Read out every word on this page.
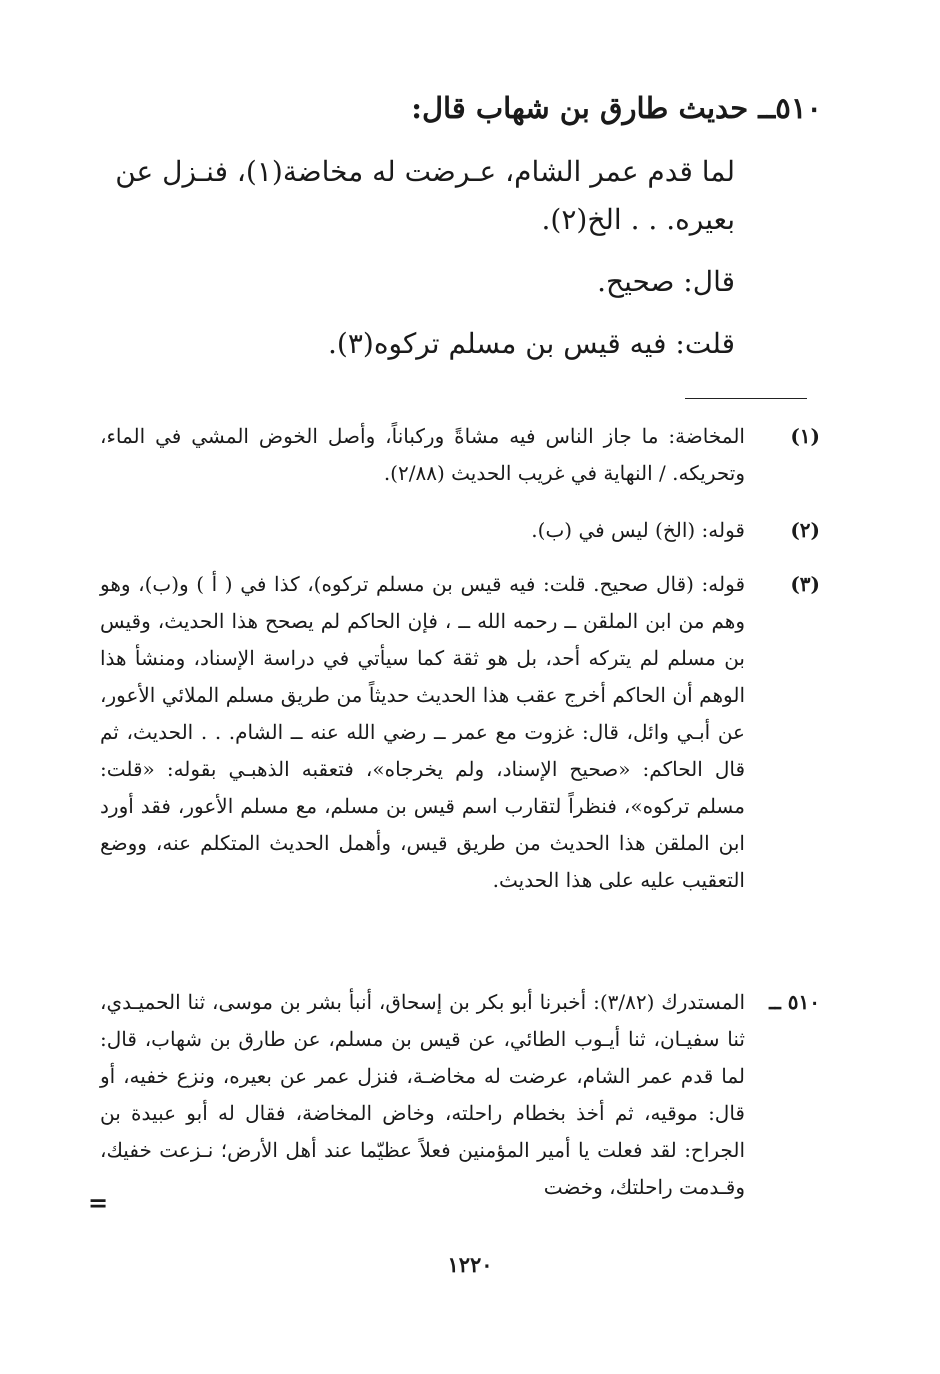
٥١٠ــ حديث طارق بن شهاب قال:

لما قدم عمر الشام، عـرضت له مخاضة(١)، فنـزل عن بعيره. . . الخ(٢).

قال: صحيح.

قلت: فيه قيس بن مسلم تركوه(٣).

(١)
المخاضة: ما جاز الناس فيه مشاةً وركباناً، وأصل الخوض المشي في الماء، وتحريكه. / النهاية في غريب الحديث (٢/٨٨).
(٢)
قوله: (الخ) ليس في (ب).
(٣)
قوله: (قال صحيح. قلت: فيه قيس بن مسلم تركوه)، كذا في ( أ ) و(ب)، وهو وهم من ابن الملقن ــ رحمه الله ــ ، فإن الحاكم لم يصحح هذا الحديث، وقيس بن مسلم لم يتركه أحد، بل هو ثقة كما سيأتي في دراسة الإسناد، ومنشأ هذا الوهم أن الحاكم أخرج عقب هذا الحديث حديثاً من طريق مسلم الملائي الأعور، عن أبـي وائل، قال: غزوت مع عمر ــ رضي الله عنه ــ الشام. . . الحديث، ثم قال الحاكم: «صحيح الإسناد، ولم يخرجاه»، فتعقبه الذهبـي بقوله: «قلت: مسلم تركوه»، فنظراً لتقارب اسم قيس بن مسلم، مع مسلم الأعور، فقد أورد ابن الملقن هذا الحديث من طريق قيس، وأهمل الحديث المتكلم عنه، ووضع التعقيب عليه على هذا الحديث.
٥١٠ ــ
المستدرك (٣/٨٢): أخبرنا أبو بكر بن إسحاق، أنبأ بشر بن موسى، ثنا الحميـدي، ثنا سفيـان، ثنا أيـوب الطائي، عن قيس بن مسلم، عن طارق بن شهاب، قال: لما قدم عمر الشام، عرضت له مخاضـة، فنزل عمر عن بعيره، ونزع خفيه، أو قال: موقيه، ثم أخذ بخطام راحلته، وخاض المخاضة، فقال له أبو عبيدة بن الجراح: لقد فعلت يا أمير المؤمنين فعلاً عظيّما عند أهل الأرض؛ نـزعت خفيك، وقـدمت راحلتك، وخضت
=
١٢٢٠
